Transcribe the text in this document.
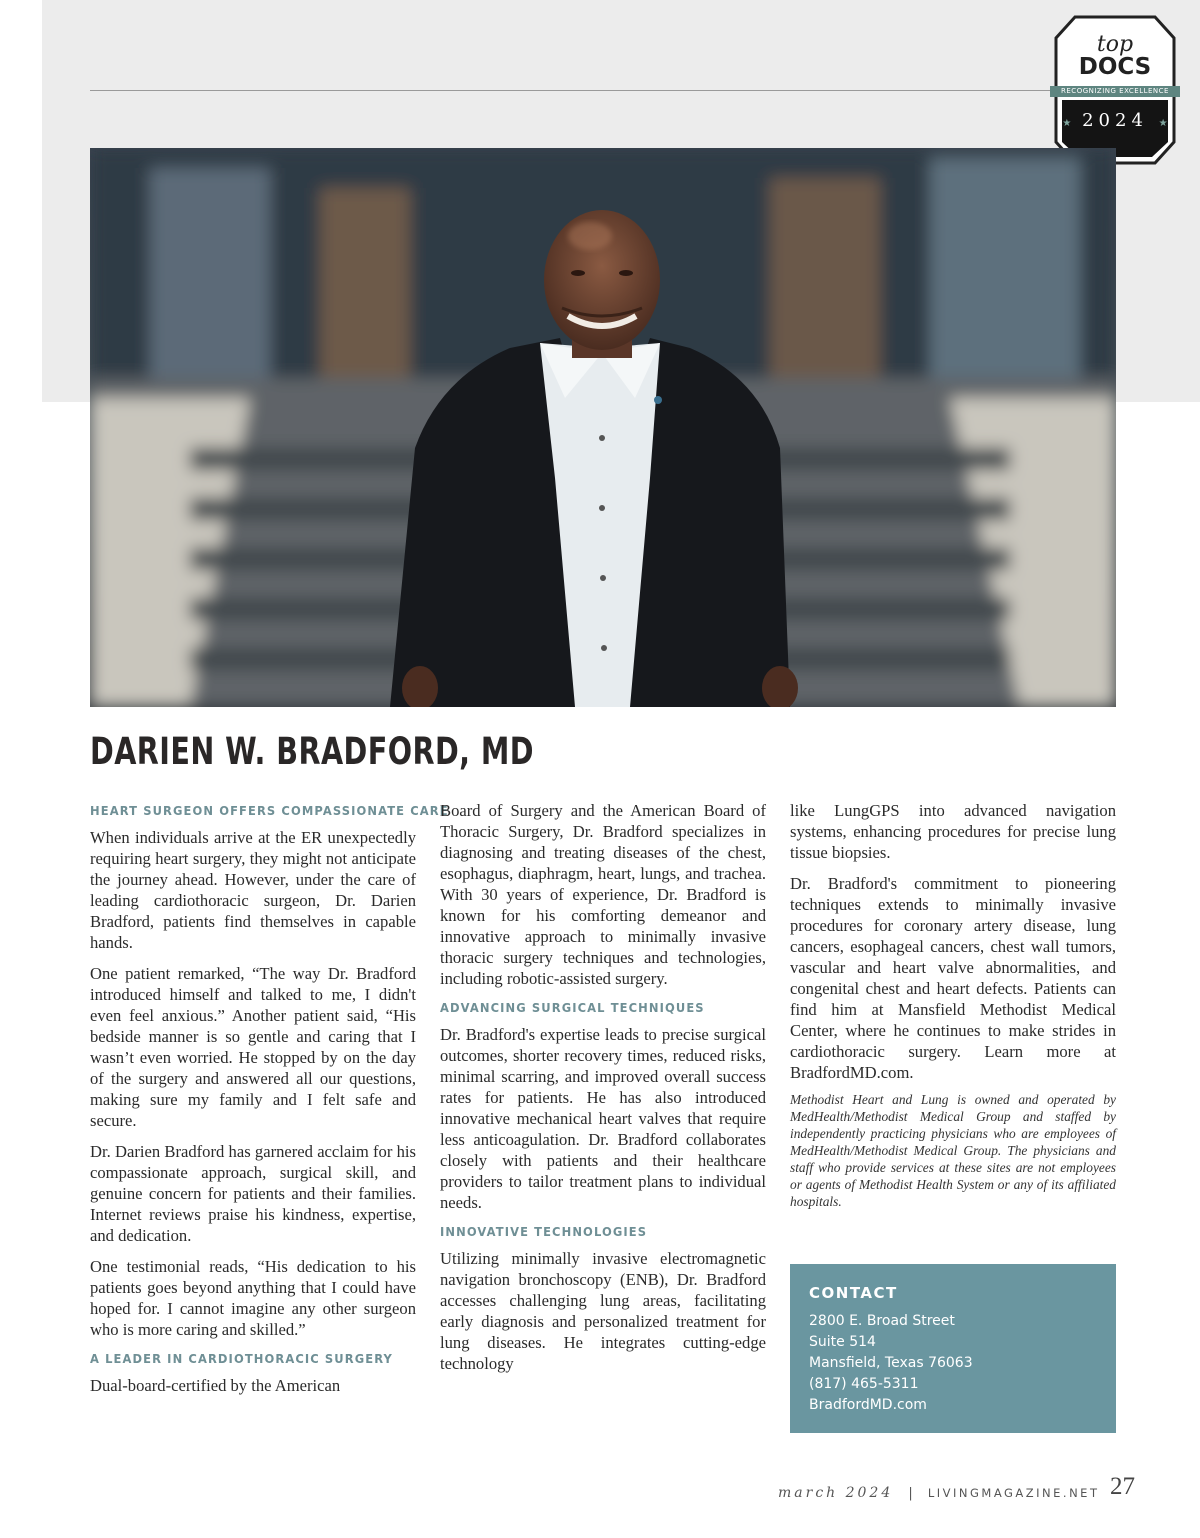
top
DOCS
RECOGNIZING EXCELLENCE
★ 2024 ★
DARIEN W. BRADFORD, MD
HEART SURGEON OFFERS COMPASSIONATE CARE

When individuals arrive at the ER unexpectedly requiring heart surgery, they might not anticipate the journey ahead. However, under the care of leading cardiothoracic surgeon, Dr. Darien Bradford, patients find themselves in capable hands.

One patient remarked, “The way Dr. Bradford introduced himself and talked to me, I didn't even feel anxious.” Another patient said, “His bedside manner is so gentle and caring that I wasn’t even worried. He stopped by on the day of the surgery and answered all our questions, making sure my family and I felt safe and secure.

Dr. Darien Bradford has garnered acclaim for his compassionate approach, surgical skill, and genuine concern for patients and their families. Internet reviews praise his kindness, expertise, and dedication.

One testimonial reads, “His dedication to his patients goes beyond anything that I could have hoped for. I cannot imagine any other surgeon who is more caring and skilled.”

A LEADER IN CARDIOTHORACIC SURGERY

Dual-board-certified by the American

Board of Surgery and the American Board of Thoracic Surgery, Dr. Bradford specializes in diagnosing and treating diseases of the chest, esophagus, diaphragm, heart, lungs, and trachea. With 30 years of experience, Dr. Bradford is known for his comforting demeanor and innovative approach to minimally invasive thoracic surgery techniques and technologies, including robotic-assisted surgery.

ADVANCING SURGICAL TECHNIQUES

Dr. Bradford's expertise leads to precise surgical outcomes, shorter recovery times, reduced risks, minimal scarring, and improved overall success rates for patients. He has also introduced innovative mechanical heart valves that require less anticoagulation. Dr. Bradford collaborates closely with patients and their healthcare providers to tailor treatment plans to individual needs.

INNOVATIVE TECHNOLOGIES

Utilizing minimally invasive electromagnetic navigation bronchoscopy (ENB), Dr. Bradford accesses challenging lung areas, facilitating early diagnosis and personalized treatment for lung diseases. He integrates cutting-edge technology

like LungGPS into advanced navigation systems, enhancing procedures for precise lung tissue biopsies.

Dr. Bradford's commitment to pioneering techniques extends to minimally invasive procedures for coronary artery disease, lung cancers, esophageal cancers, chest wall tumors, vascular and heart valve abnormalities, and congenital chest and heart defects. Patients can find him at Mansfield Methodist Medical Center, where he continues to make strides in cardiothoracic surgery. Learn more at BradfordMD.com.

Methodist Heart and Lung is owned and operated by MedHealth/Methodist Medical Group and staffed by independently practicing physicians who are employees of MedHealth/Methodist Medical Group. The physicians and staff who provide services at these sites are not employees or agents of Methodist Health System or any of its affiliated hospitals.

CONTACT
2800 E. Broad Street
Suite 514
Mansfield, Texas 76063
(817) 465-5311
BradfordMD.com
march 2024 | LIVINGMAGAZINE.NET 27
